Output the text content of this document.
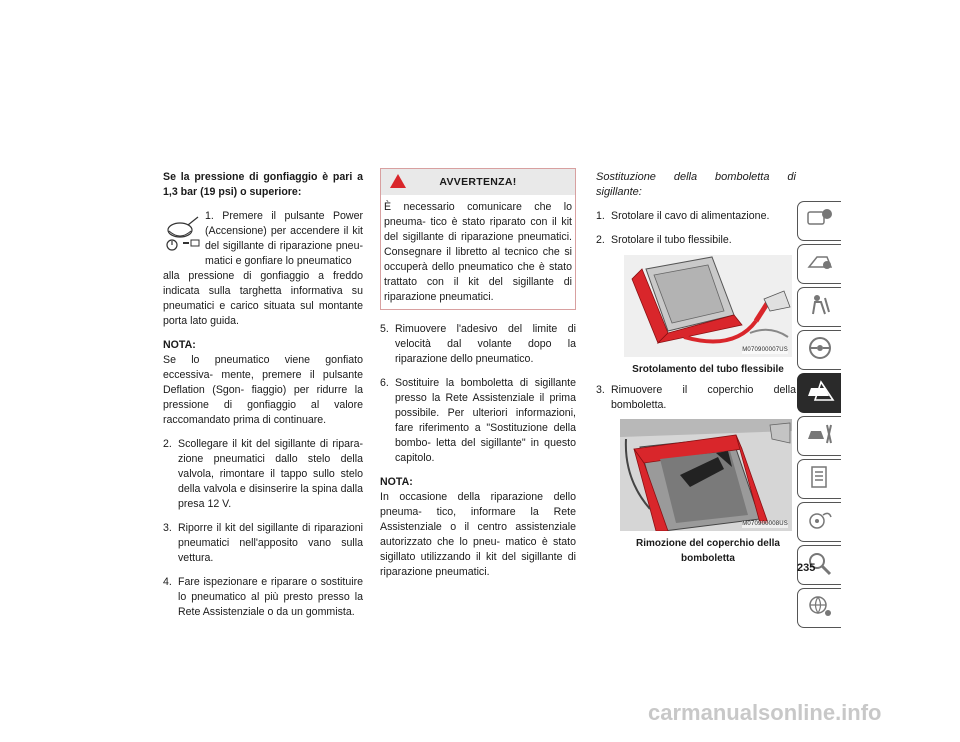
Se la pressione di gonfiaggio è pari a 1,3 bar (19 psi) o superiore:

1. Premere il pulsante Power (Accensione) per accendere il kit del sigillante di riparazione pneu- matici e gonfiare lo pneumatico

alla pressione di gonfiaggio a freddo indicata sulla targhetta informativa su pneumatici e carico situata sul montante porta lato guida.

NOTA:

Se lo pneumatico viene gonfiato eccessiva- mente, premere il pulsante Deflation (Sgon- fiaggio) per ridurre la pressione di gonfiaggio al valore raccomandato prima di continuare.

2. Scollegare il kit del sigillante di ripara- zione pneumatici dallo stelo della valvola, rimontare il tappo sullo stelo della valvola e disinserire la spina dalla presa 12 V.
3. Riporre il kit del sigillante di riparazioni pneumatici nell'apposito vano sulla vettura.
4. Fare ispezionare e riparare o sostituire lo pneumatico al più presto presso la Rete Assistenziale o da un gommista.
AVVERTENZA!

È necessario comunicare che lo pneuma- tico è stato riparato con il kit del sigillante di riparazione pneumatici. Consegnare il libretto al tecnico che si occuperà dello pneumatico che è stato trattato con il kit del sigillante di riparazione pneumatici.

5. Rimuovere l'adesivo del limite di velocità dal volante dopo la riparazione dello pneumatico.
6. Sostituire la bomboletta di sigillante presso la Rete Assistenziale il prima possibile. Per ulteriori informazioni, fare riferimento a "Sostituzione della bombo- letta del sigillante" in questo capitolo.

NOTA:

In occasione della riparazione dello pneuma- tico, informare la Rete Assistenziale o il centro assistenziale autorizzato che lo pneu- matico è stato sigillato utilizzando il kit del sigillante di riparazione pneumatici.

Sostituzione della bomboletta di sigillante:

1. Srotolare il cavo di alimentazione.
2. Srotolare il tubo flessibile.
M070900007US

Srotolamento del tubo flessibile

3. Rimuovere il coperchio della bomboletta.
M070900008US

Rimozione del coperchio della bomboletta

235
carmanualsonline.info
